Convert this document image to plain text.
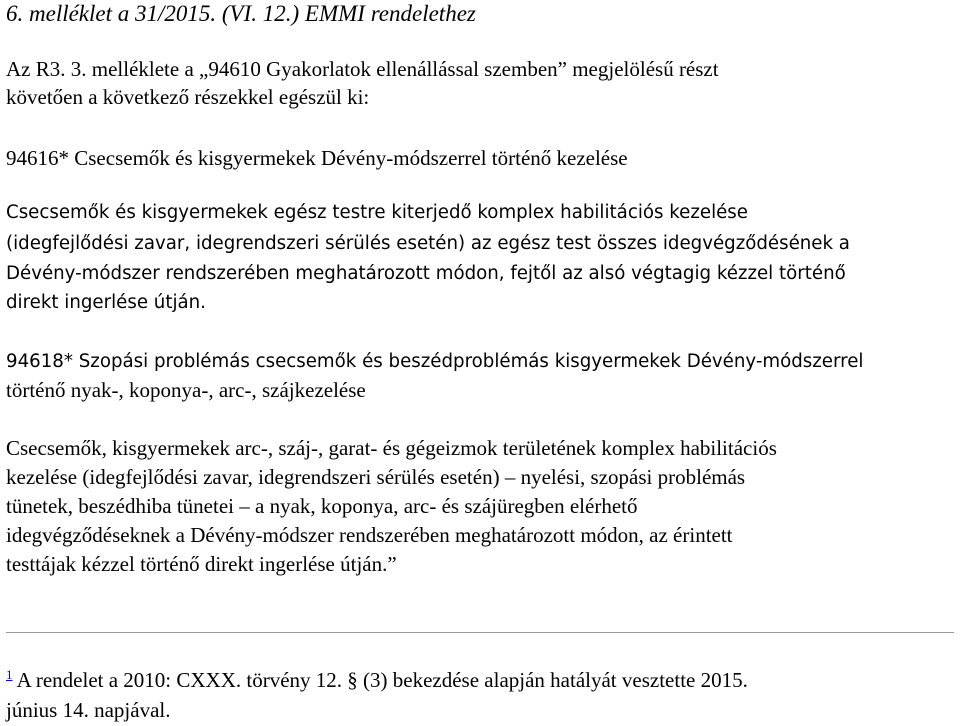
6. melléklet a 31/2015. (VI. 12.) EMMI rendelethez

Az R3. 3. melléklete a „94610 Gyakorlatok ellenállással szemben” megjelölésű részt

követően a következő részekkel egészül ki:

94616* Csecsemők és kisgyermekek Dévény-módszerrel történő kezelése

Csecsemők és kisgyermekek egész testre kiterjedő komplex habilitációs kezelése

(idegfejlődési zavar, idegrendszeri sérülés esetén) az egész test összes idegvégződésének a

Dévény-módszer rendszerében meghatározott módon, fejtől az alsó végtagig kézzel történő

direkt ingerlése útján.

94618* Szopási problémás csecsemők és beszédproblémás kisgyermekek Dévény-módszerrel

történő nyak-, koponya-, arc-, szájkezelése

Csecsemők, kisgyermekek arc-, száj-, garat- és gégeizmok területének komplex habilitációs

kezelése (idegfejlődési zavar, idegrendszeri sérülés esetén) – nyelési, szopási problémás

tünetek, beszédhiba tünetei – a nyak, koponya, arc- és szájüregben elérhető

idegvégződéseknek a Dévény-módszer rendszerében meghatározott módon, az érintett

testtájak kézzel történő direkt ingerlése útján.”

$^1$ A rendelet a 2010: CXXX. törvény 12. § (3) bekezdése alapján hatályát vesztette 2015.

június 14. napjával.
